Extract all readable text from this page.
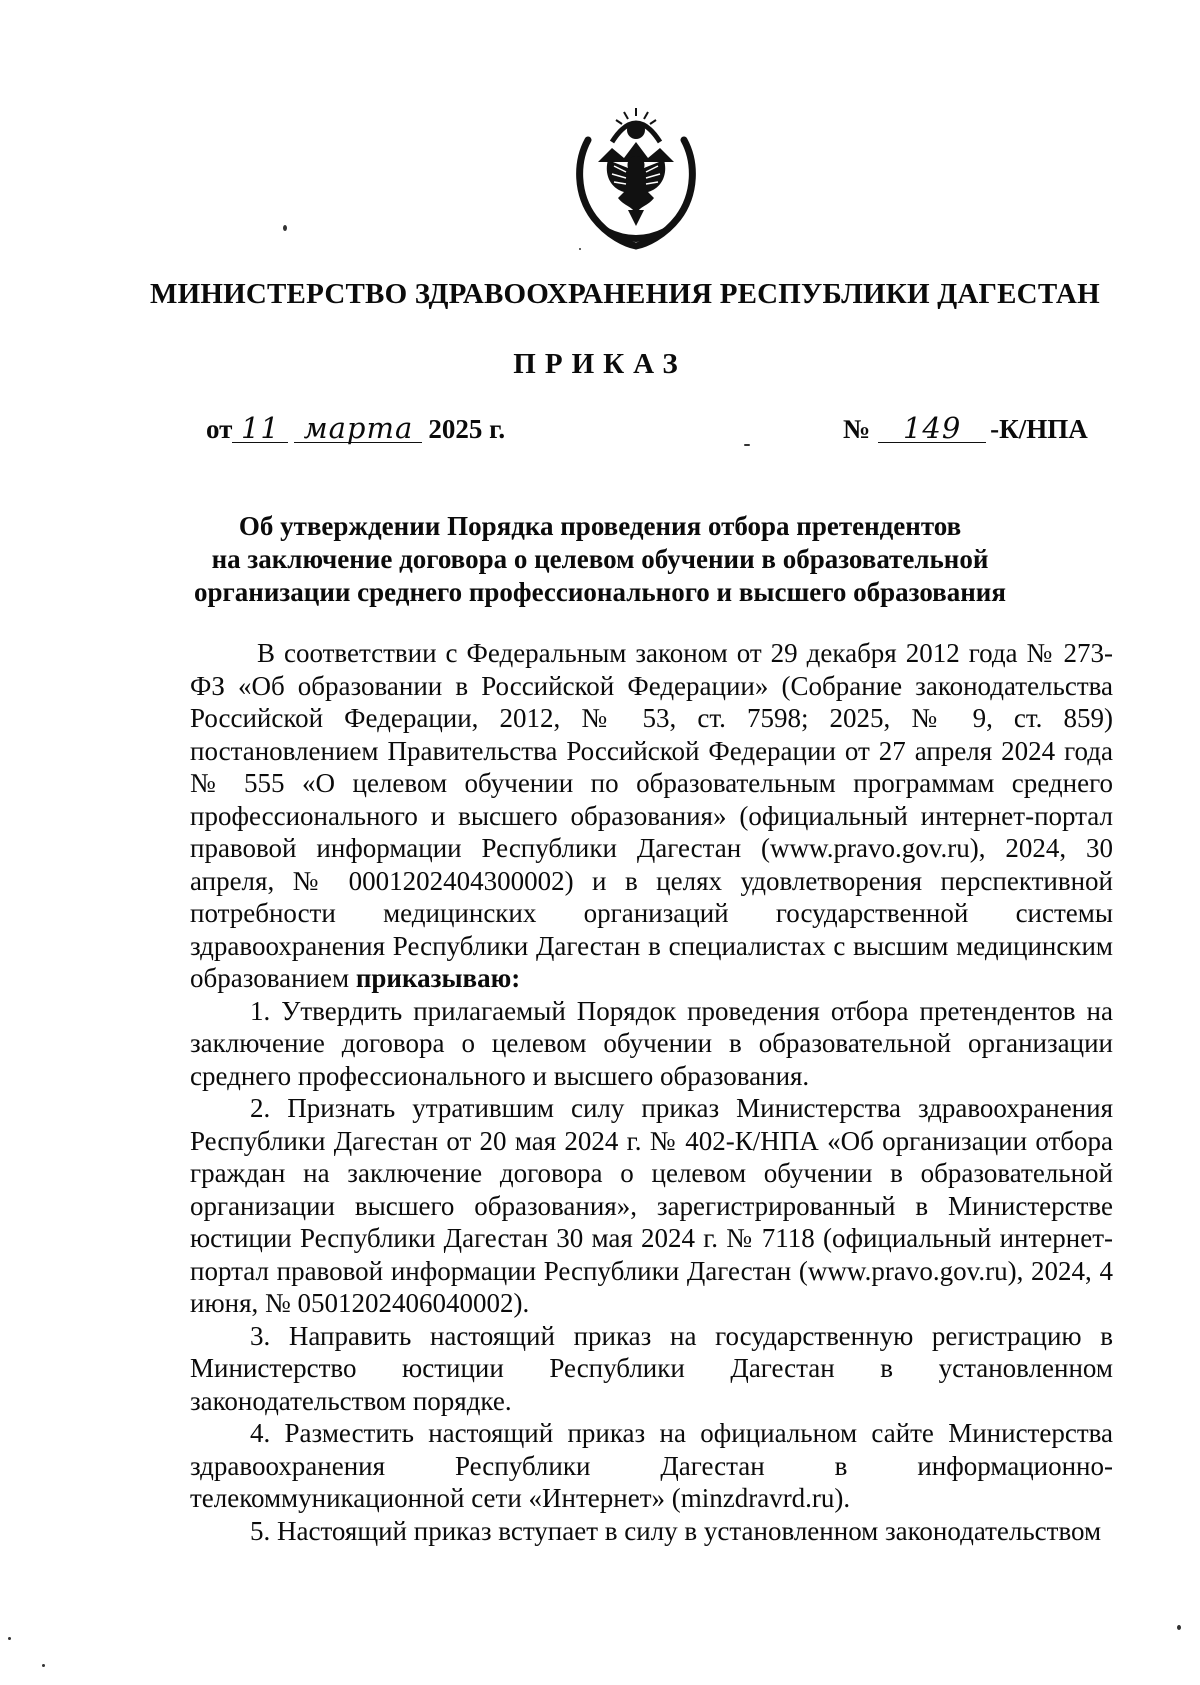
МИНИСТЕРСТВО ЗДРАВООХРАНЕНИЯ РЕСПУБЛИКИ ДАГЕСТАН
ПРИКАЗ
от 11 марта 2025 г.	№	149	-К/НПА
Об утверждении Порядка проведения отбора претендентов
на заключение договора о целевом обучении в образовательной
организации среднего профессионального и высшего образования

В соответствии с Федеральным законом от 29 декабря 2012 года № 273-ФЗ «Об образовании в Российской Федерации» (Собрание законодательства Российской Федерации, 2012, № 53, ст. 7598; 2025, № 9, ст. 859) постановлением Правительства Российской Федерации от 27 апреля 2024 года № 555 «О целевом обучении по образовательным программам среднего профессионального и высшего образования» (официальный интернет-портал правовой информации Республики Дагестан (www.pravo.gov.ru), 2024, 30 апреля, № 0001202404300002) и в целях удовлетворения перспективной потребности медицинских организаций государственной системы здравоохранения Республики Дагестан в специалистах с высшим медицинским образованием приказываю:

1. Утвердить прилагаемый Порядок проведения отбора претендентов на заключение договора о целевом обучении в образовательной организации среднего профессионального и высшего образования.

2. Признать утратившим силу приказ Министерства здравоохранения Республики Дагестан от 20 мая 2024 г. № 402-К/НПА «Об организации отбора граждан на заключение договора о целевом обучении в образовательной организации высшего образования», зарегистрированный в Министерстве юстиции Республики Дагестан 30 мая 2024 г. № 7118 (официальный интернет-портал правовой информации Республики Дагестан (www.pravo.gov.ru), 2024, 4 июня, № 0501202406040002).

3. Направить настоящий приказ на государственную регистрацию в Министерство юстиции Республики Дагестан в установленном законодательством порядке.

4. Разместить настоящий приказ на официальном сайте Министерства здравоохранения Республики Дагестан в информационно-телекоммуникационной сети «Интернет» (minzdravrd.ru).

5. Настоящий приказ вступает в силу в установленном законодательством
